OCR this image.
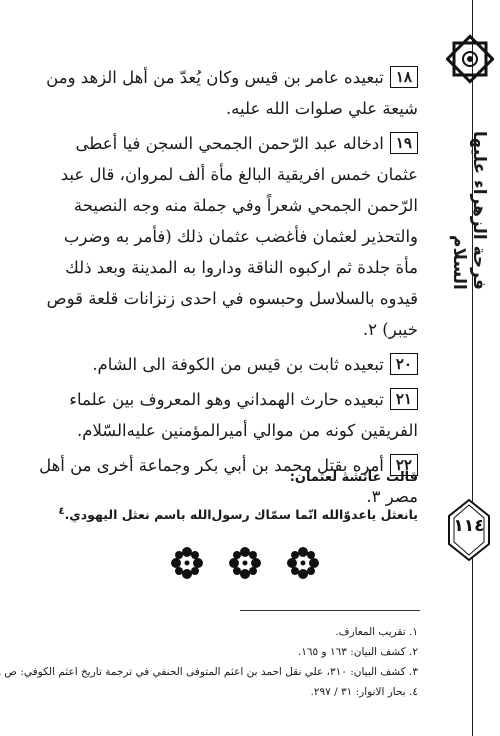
فرحة الزهراء عليها السلام
١١٤

١٨تبعيده عامر بن قيس وكان يُعدّ من أهل الزهد ومن شيعة علي صلوات الله عليه.

١٩ادخاله عبد الرّحمن الجمحي السجن فيا أعطى عثمان خمس افريقية البالغ مأة ألف لمروان، قال عبد الرّحمن الجمحي شعراً وفي جملة منه وجه النصيحة والتحذير لعثمان فأغضب عثمان ذلك (فأمر به وضرب مأة جلدة ثم اركبوه الناقة وداروا به المدينة وبعد ذلك قيدوه بالسلاسل وحبسوه في احدى زنزانات قلعة قوص خيبر) ٢.

٢٠تبعيده ثابت بن قيس من الكوفة الى الشام.

٢١تبعيده حارث الهمداني وهو المعروف بين علماء الفريقين كونه من موالي أميرالمؤمنين عليه‌السّلام.

٢٢أمره بقتل محمد بن أبي بكر وجماعة أخرى من أهل مصر ٣.

قالت عائشة لعثمان:
يانعثل ياعدوّالله انّما سمّاك رسول‌الله باسم نعثل اليهودي.$^٤$
١. تقريب المعارف.
٢. كشف البيان: ١٦٣ و ١٦٥.
٣. كشف البيان: ٣١٠، علي نقل احمد بن اعثم المتوفى الحنفي في ترجمة تاريخ اعثم الكوفي: ص
٤. بحار الانوار: ٣١ / ٢٩٧.
